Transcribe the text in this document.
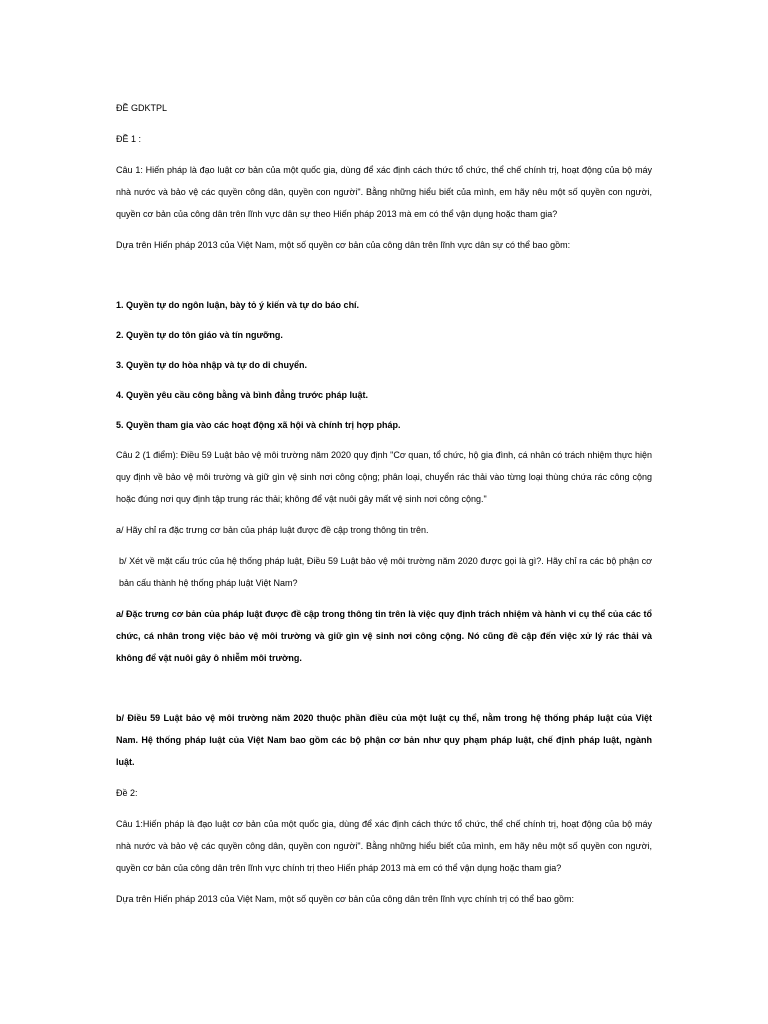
ĐỀ GDKTPL

ĐỀ 1 :

Câu 1: Hiến pháp là đạo luật cơ bản của một quốc gia, dùng để xác định cách thức tổ chức, thể chế chính trị, hoạt động của bộ máy nhà nước và bảo vệ các quyền công dân, quyền con người". Bằng những hiểu biết của mình, em hãy nêu một số quyền con người, quyền cơ bản của công dân trên lĩnh vực dân sự theo Hiến pháp 2013 mà em có thể vận dụng hoặc tham gia?

Dựa trên Hiến pháp 2013 của Việt Nam, một số quyền cơ bản của công dân trên lĩnh vực dân sự có thể bao gồm:

1. Quyền tự do ngôn luận, bày tỏ ý kiến và tự do báo chí.

2. Quyền tự do tôn giáo và tín ngưỡng.

3. Quyền tự do hòa nhập và tự do di chuyển.

4. Quyền yêu cầu công bằng và bình đẳng trước pháp luật.

5. Quyền tham gia vào các hoạt động xã hội và chính trị hợp pháp.

Câu 2 (1 điểm): Điều 59 Luật bảo vệ môi trường năm 2020 quy định "Cơ quan, tổ chức, hộ gia đình, cá nhân có trách nhiệm thực hiện quy định về bảo vệ môi trường và giữ gìn vệ sinh nơi công cộng; phân loại, chuyển rác thải vào từng loại thùng chứa rác công cộng hoặc đúng nơi quy định tập trung rác thải; không để vật nuôi gây mất vệ sinh nơi công cộng."

a/ Hãy chỉ ra đặc trưng cơ bản của pháp luật được đề cập trong thông tin trên.

b/ Xét về mặt cấu trúc của hệ thống pháp luật, Điều 59 Luật bảo vệ môi trường năm 2020 được gọi là gì?. Hãy chỉ ra các bộ phận cơ bản cấu thành hệ thống pháp luật Việt Nam?

a/ Đặc trưng cơ bản của pháp luật được đề cập trong thông tin trên là việc quy định trách nhiệm và hành vi cụ thể của các tổ chức, cá nhân trong việc bảo vệ môi trường và giữ gìn vệ sinh nơi công cộng. Nó cũng đề cập đến việc xử lý rác thải và không để vật nuôi gây ô nhiễm môi trường.

b/ Điều 59 Luật bảo vệ môi trường năm 2020 thuộc phần điều của một luật cụ thể, nằm trong hệ thống pháp luật của Việt Nam. Hệ thống pháp luật của Việt Nam bao gồm các bộ phận cơ bản như quy phạm pháp luật, chế định pháp luật, ngành luật.

Đề 2:

Câu 1:Hiến pháp là đạo luật cơ bản của một quốc gia, dùng để xác định cách thức tổ chức, thể chế chính trị, hoạt động của bộ máy nhà nước và bảo vệ các quyền công dân, quyền con người". Bằng những hiểu biết của mình, em hãy nêu một số quyền con người, quyền cơ bản của công dân trên lĩnh vực chính trị theo Hiến pháp 2013 mà em có thể vận dụng hoặc tham gia?

Dựa trên Hiến pháp 2013 của Việt Nam, một số quyền cơ bản của công dân trên lĩnh vực chính trị có thể bao gồm:
